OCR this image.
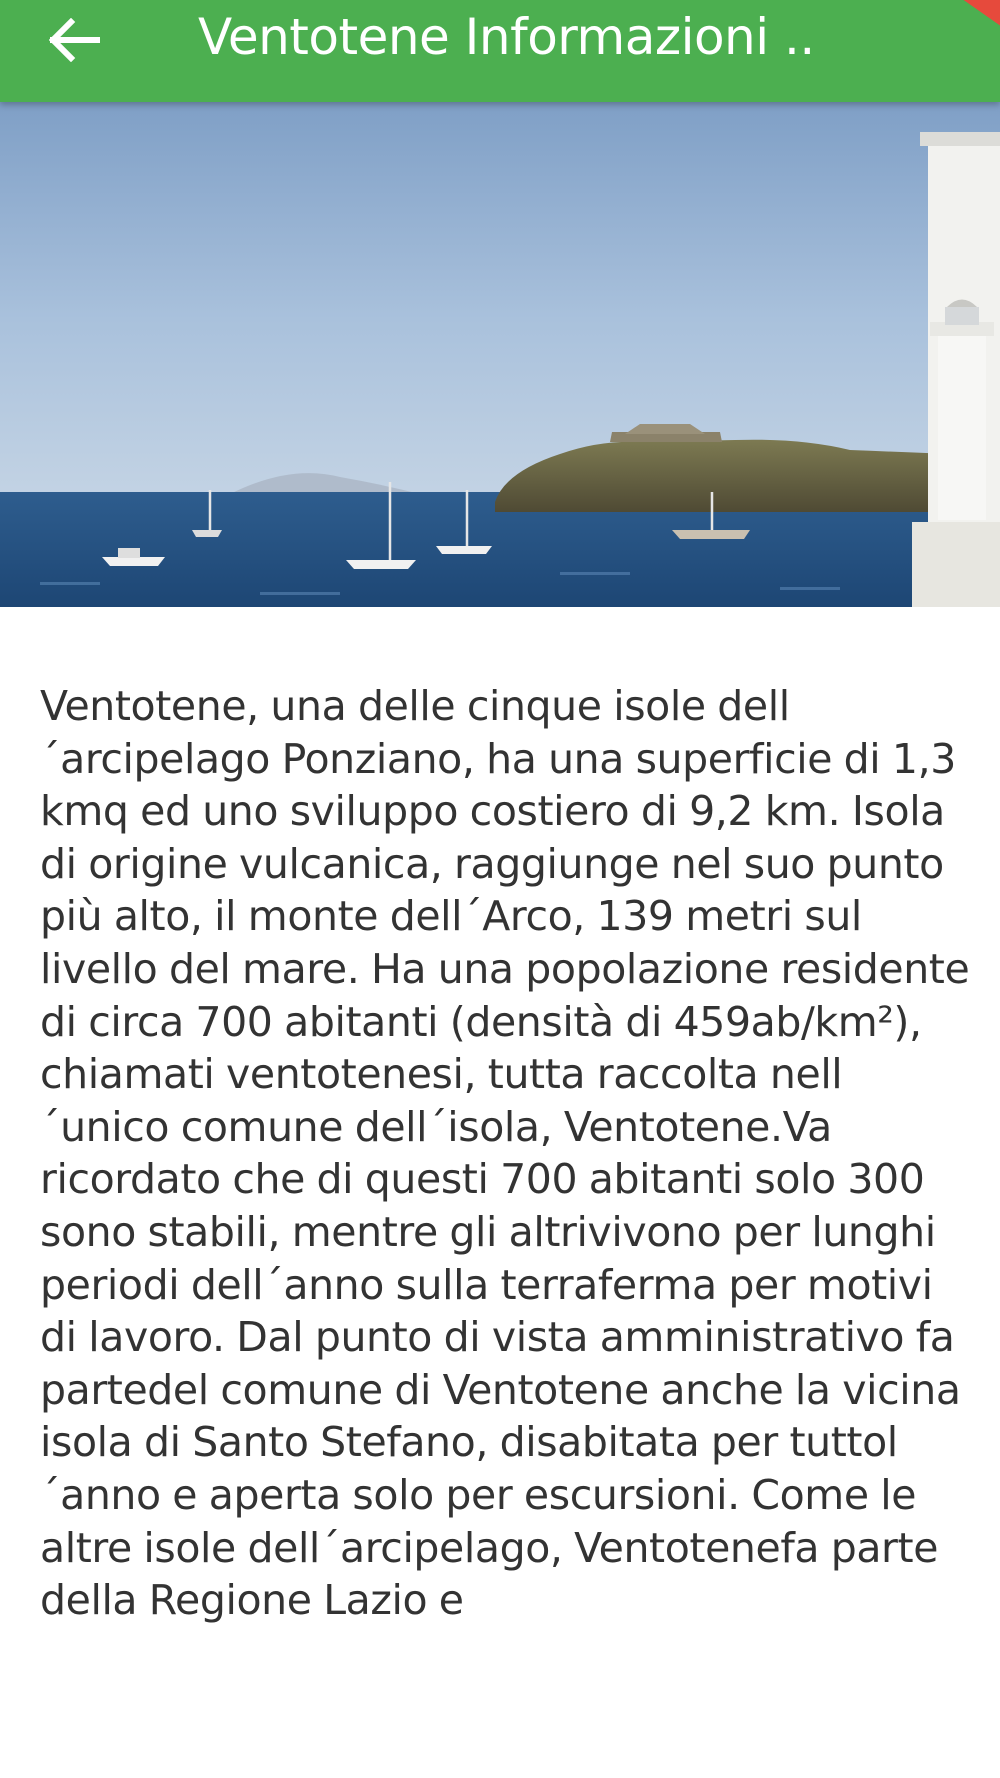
Ventotene Informazioni ..
Ventotene, una delle cinque isole dell ´arcipelago Ponziano, ha una superficie di 1,3 kmq ed uno sviluppo costiero di 9,2 km. Isola di origine vulcanica, raggiunge nel suo punto più alto, il monte dell´Arco, 139 metri sul livello del mare. Ha una popolazione residente di circa 700 abitanti (densità di 459ab/km²), chiamati ventotenesi, tutta raccolta nell ´unico comune dell´isola, Ventotene.Va ricordato che di questi 700 abitanti solo 300 sono stabili, mentre gli altrivivono per lunghi periodi dell´anno sulla terraferma per motivi di lavoro. Dal punto di vista amministrativo fa partedel comune di Ventotene anche la vicina isola di Santo Stefano, disabitata per tuttol´anno e aperta solo per escursioni. Come le altre isole dell´arcipelago, Ventotenefa parte della Regione Lazio e
